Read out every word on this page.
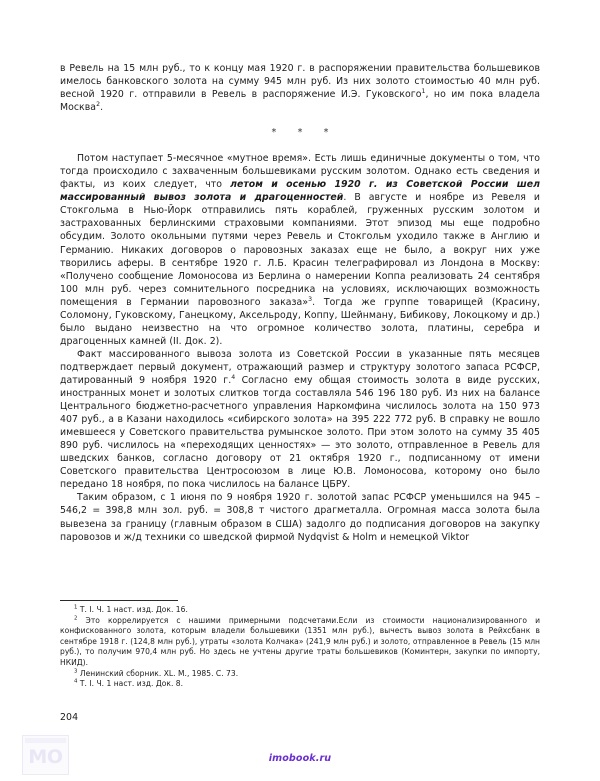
в Ревель на 15 млн руб., то к концу мая 1920 г. в распоряжении правительства большевиков имелось банковского золота на сумму 945 млн руб. Из них золото стоимостью 40 млн руб. весной 1920 г. отправили в Ревель в распоряжение И.Э. Гуковского$^1$, но им пока владела Москва$^2$.

* * *

Потом наступает 5-месячное «мутное время». Есть лишь единичные документы о том, что тогда происходило с захваченным большевиками русским золотом. Однако есть сведения и факты, из коих следует, что летом и осенью 1920 г. из Советской России шел массированный вывоз золота и драгоценностей. В августе и ноябре из Ревеля и Стокгольма в Нью-Йорк отправились пять кораблей, груженных русским золотом и застрахованных берлинскими страховыми компаниями. Этот эпизод мы еще подробно обсудим. Золото окольными путями через Ревель и Стокгольм уходило также в Англию и Германию. Никаких договоров о паровозных заказах еще не было, а вокруг них уже творились аферы. В сентябре 1920 г. Л.Б. Красин телеграфировал из Лондона в Москву: «Получено сообщение Ломоносова из Берлина о намерении Коппа реализовать 24 сентября 100 млн руб. через сомнительного посредника на условиях, исключающих возможность помещения в Германии паровозного заказа»$^3$. Тогда же группе товарищей (Красину, Соломону, Гуковскому, Ганецкому, Аксельроду, Коппу, Шейнману, Бибикову, Локоцкому и др.) было выдано неизвестно на что огромное количество золота, платины, серебра и драгоценных камней (II. Док. 2).

Факт массированного вывоза золота из Советской России в указанные пять месяцев подтверждает первый документ, отражающий размер и структуру золотого запаса РСФСР, датированный 9 ноября 1920 г.$^4$ Согласно ему общая стоимость золота в виде русских, иностранных монет и золотых слитков тогда составляла 546 196 180 руб. Из них на балансе Центрального бюджетно-расчетного управления Наркомфина числилось золота на 150 973 407 руб., а в Казани находилось «сибирского золота» на 395 222 772 руб. В справку не вошло имевшееся у Советского правительства румынское золото. При этом золото на сумму 35 405 890 руб. числилось на «переходящих ценностях» — это золото, отправленное в Ревель для шведских банков, согласно договору от 21 октября 1920 г., подписанному от имени Советского правительства Центросоюзом в лице Ю.В. Ломоносова, которому оно было передано 18 ноября, по пока числилось на балансе ЦБРУ.

Таким образом, с 1 июня по 9 ноября 1920 г. золотой запас РСФСР уменьшился на 945 – 546,2 = 398,8 млн зол. руб. = 308,8 т чистого драгметалла. Огромная масса золота была вывезена за границу (главным образом в США) задолго до подписания договоров на закупку паровозов и ж/д техники со шведской фирмой Nydqvist & Holm и немецкой Viktor

$^1$ Т. I. Ч. 1 наст. изд. Док. 16.

$^2$ Это коррелируется с нашими примерными подсчетами.Если из стоимости национализированного и конфискованного золота, которым владели большевики (1351 млн руб.), вычесть вывоз золота в Рейхсбанк в сентябре 1918 г. (124,8 млн руб.), утраты «золота Колчака» (241,9 млн руб.) и золото, отправленное в Ревель (15 млн руб.), то получим 970,4 млн руб. Но здесь не учтены другие траты большевиков (Коминтерн, закупки по импорту, НКИД).

$^3$ Ленинский сборник. XL. М., 1985. С. 73.

$^4$ Т. I. Ч. 1 наст. изд. Док. 8.

204
MO	imobook.ru
